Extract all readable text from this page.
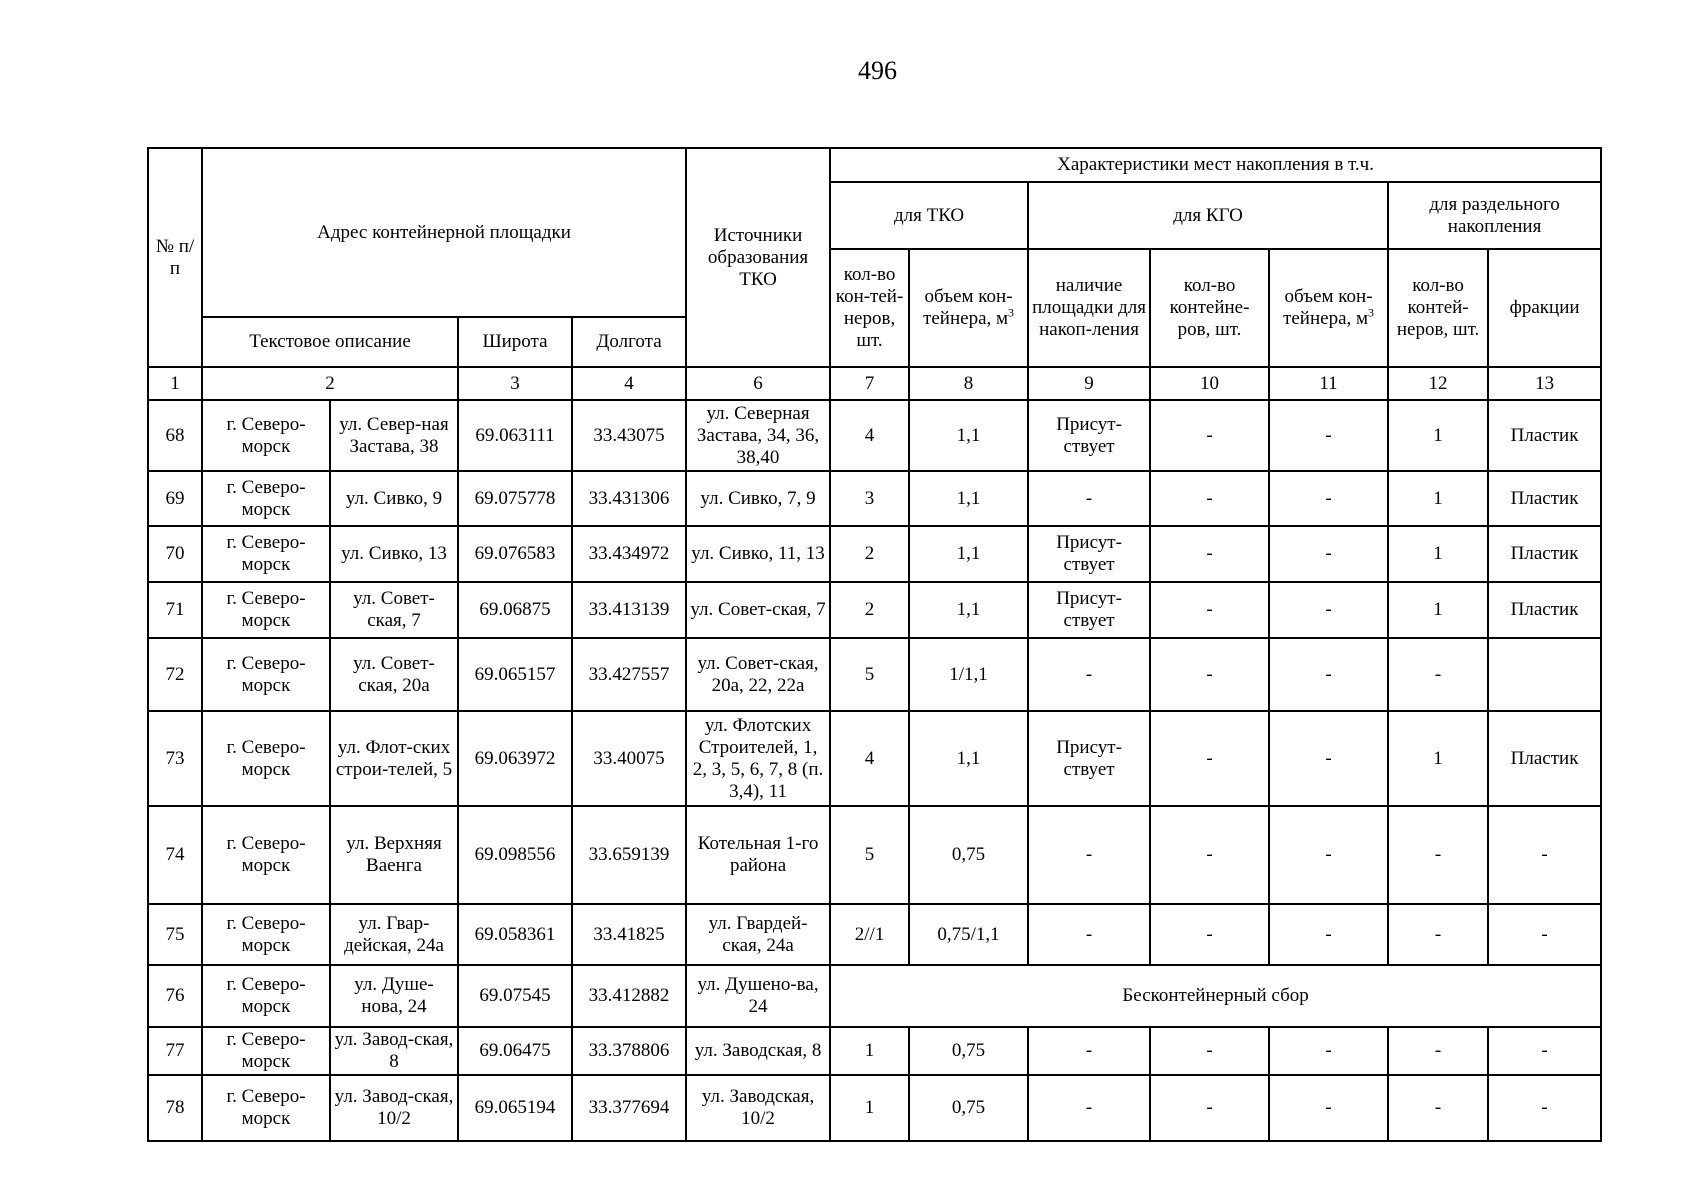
496
№ п/п	Адрес контейнерной площадки				Источники образования ТКО	Характеристики мест накопления в т.ч.						
						для ТКО		для КГО			для раздельного накопления	
						кол-во кон-тей-неров, шт.	объем кон-тейнера, $м^3$	наличие площадки для накоп-ления	кол-во контейне-ров, шт.	объем кон-тейнера, $м^3$	кол-во контей-неров, шт.	фракции
	Текстовое описание		Широта	Долгота								
1	2		3	4	6	7	8	9	10	11	12	13
68	г. Северо-морск	ул. Север-ная Застава, 38	69.063111	33.43075	ул. Северная Застава, 34, 36, 38,40	4	1,1	Присут-ствует	-	-	1	Пластик
69	г. Северо-морск	ул. Сивко, 9	69.075778	33.431306	ул. Сивко, 7, 9	3	1,1	-	-	-	1	Пластик
70	г. Северо-морск	ул. Сивко, 13	69.076583	33.434972	ул. Сивко, 11, 13	2	1,1	Присут-ствует	-	-	1	Пластик
71	г. Северо-морск	ул. Совет-ская, 7	69.06875	33.413139	ул. Совет-ская, 7	2	1,1	Присут-ствует	-	-	1	Пластик
72	г. Северо-морск	ул. Совет-ская, 20а	69.065157	33.427557	ул. Совет-ская, 20а, 22, 22а	5	1/1,1	-	-	-	-	
73	г. Северо-морск	ул. Флот-ских строи-телей, 5	69.063972	33.40075	ул. Флотских Строителей, 1, 2, 3, 5, 6, 7, 8 (п. 3,4), 11	4	1,1	Присут-ствует	-	-	1	Пластик
74	г. Северо-морск	ул. Верхняя Ваенга	69.098556	33.659139	Котельная 1-го района	5	0,75	-	-	-	-	-
75	г. Северо-морск	ул. Гвар-дейская, 24а	69.058361	33.41825	ул. Гвардей-ская, 24а	2//1	0,75/1,1	-	-	-	-	-
76	г. Северо-морск	ул. Душе-нова, 24	69.07545	33.412882	ул. Душено-ва, 24	Бесконтейнерный сбор						
77	г. Северо-морск	ул. Завод-ская, 8	69.06475	33.378806	ул. Заводская, 8	1	0,75	-	-	-	-	-
78	г. Северо-морск	ул. Завод-ская, 10/2	69.065194	33.377694	ул. Заводская, 10/2	1	0,75	-	-	-	-	-
